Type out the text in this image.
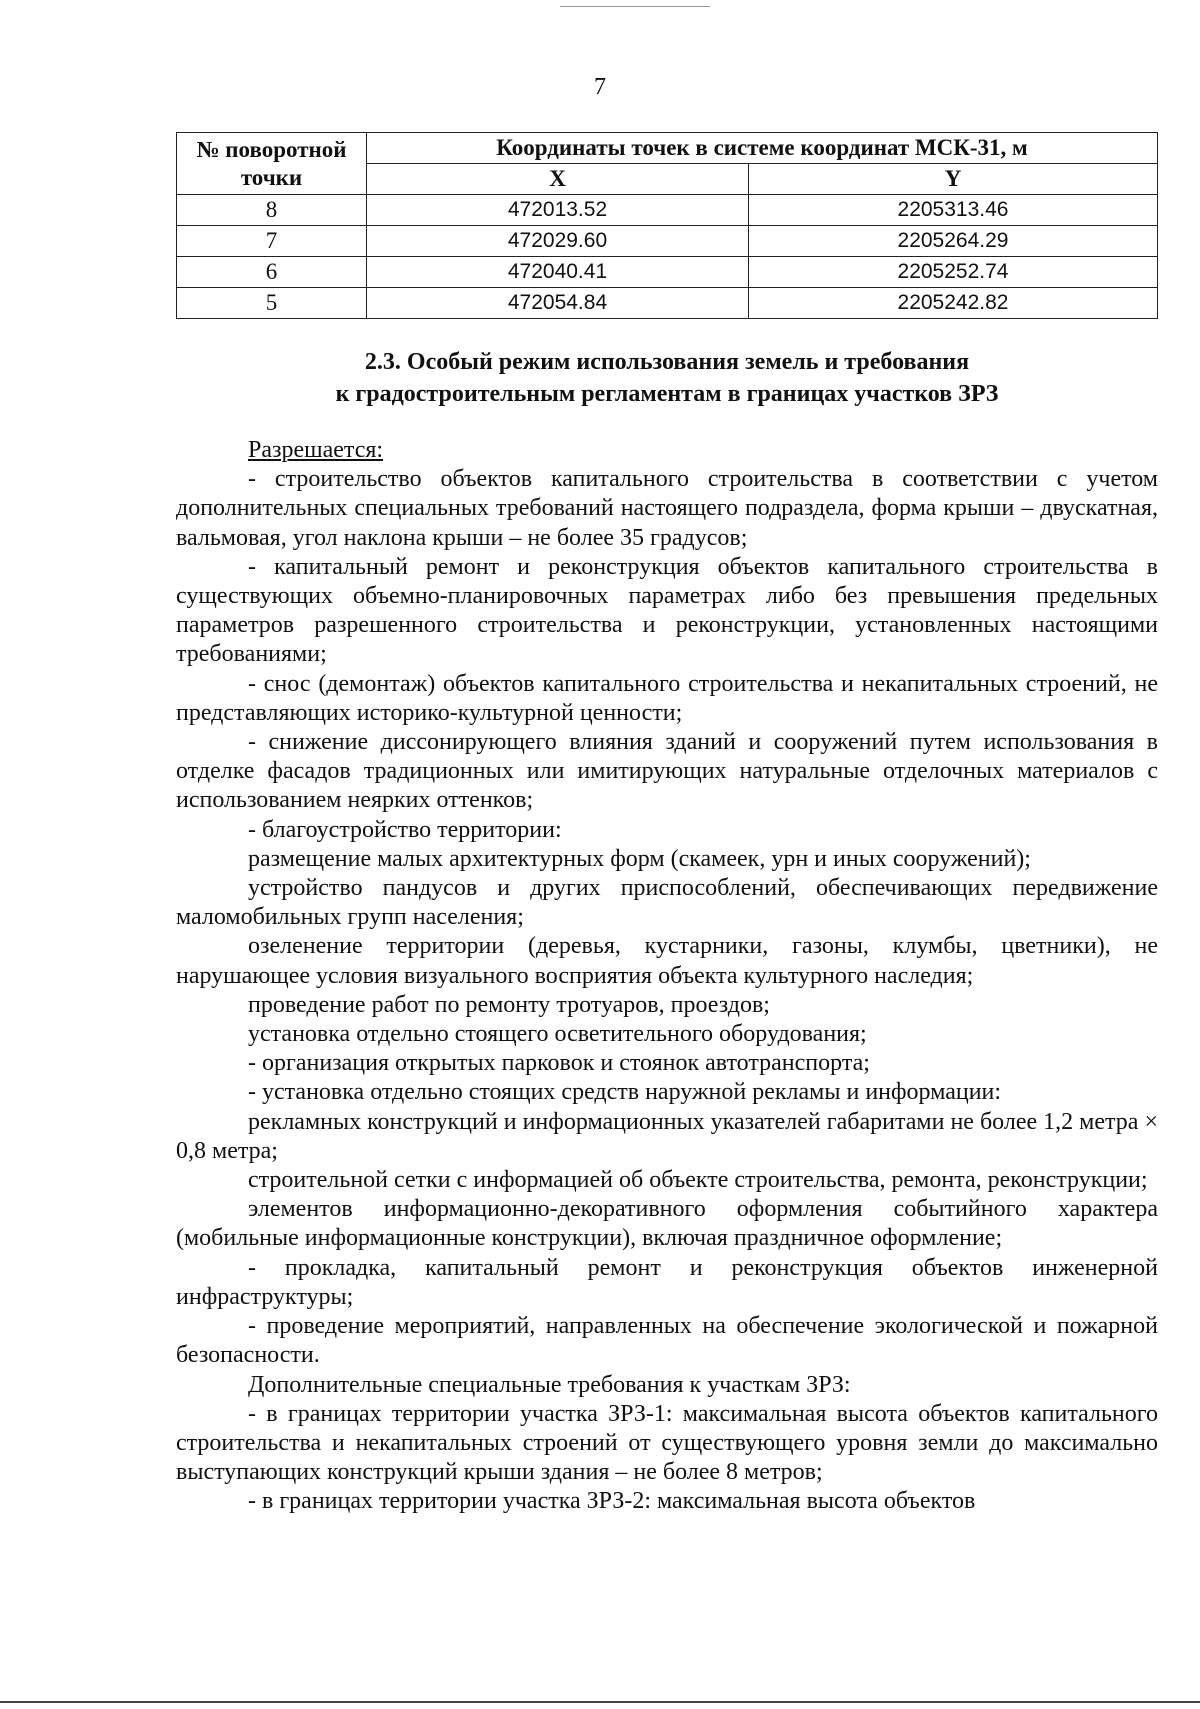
7
№ поворотной точки	Координаты точек в системе координат МСК-31, м	
	X	Y
8	472013.52	2205313.46
7	472029.60	2205264.29
6	472040.41	2205252.74
5	472054.84	2205242.82
2.3. Особый режим использования земель и требования
к градостроительным регламентам в границах участков ЗРЗ

Разрешается:

- строительство объектов капитального строительства в соответствии с учетом дополнительных специальных требований настоящего подраздела, форма крыши – двускатная, вальмовая, угол наклона крыши – не более 35 градусов;

- капитальный ремонт и реконструкция объектов капитального строительства в существующих объемно-планировочных параметрах либо без превышения предельных параметров разрешенного строительства и реконструкции, установленных настоящими требованиями;

- снос (демонтаж) объектов капитального строительства и некапитальных строений, не представляющих историко-культурной ценности;

- снижение диссонирующего влияния зданий и сооружений путем использования в отделке фасадов традиционных или имитирующих натуральные отделочных материалов с использованием неярких оттенков;

- благоустройство территории:

размещение малых архитектурных форм (скамеек, урн и иных сооружений);

устройство пандусов и других приспособлений, обеспечивающих передвижение маломобильных групп населения;

озеленение территории (деревья, кустарники, газоны, клумбы, цветники), не нарушающее условия визуального восприятия объекта культурного наследия;

проведение работ по ремонту тротуаров, проездов;

установка отдельно стоящего осветительного оборудования;

- организация открытых парковок и стоянок автотранспорта;

- установка отдельно стоящих средств наружной рекламы и информации:

рекламных конструкций и информационных указателей габаритами не более 1,2 метра × 0,8 метра;

строительной сетки с информацией об объекте строительства, ремонта, реконструкции;

элементов информационно-декоративного оформления событийного характера (мобильные информационные конструкции), включая праздничное оформление;

- прокладка, капитальный ремонт и реконструкция объектов инженерной инфраструктуры;

- проведение мероприятий, направленных на обеспечение экологической и пожарной безопасности.

Дополнительные специальные требования к участкам ЗРЗ:

- в границах территории участка ЗРЗ-1: максимальная высота объектов капитального строительства и некапитальных строений от существующего уровня земли до максимально выступающих конструкций крыши здания – не более 8 метров;

- в границах территории участка ЗРЗ-2: максимальная высота объектов
